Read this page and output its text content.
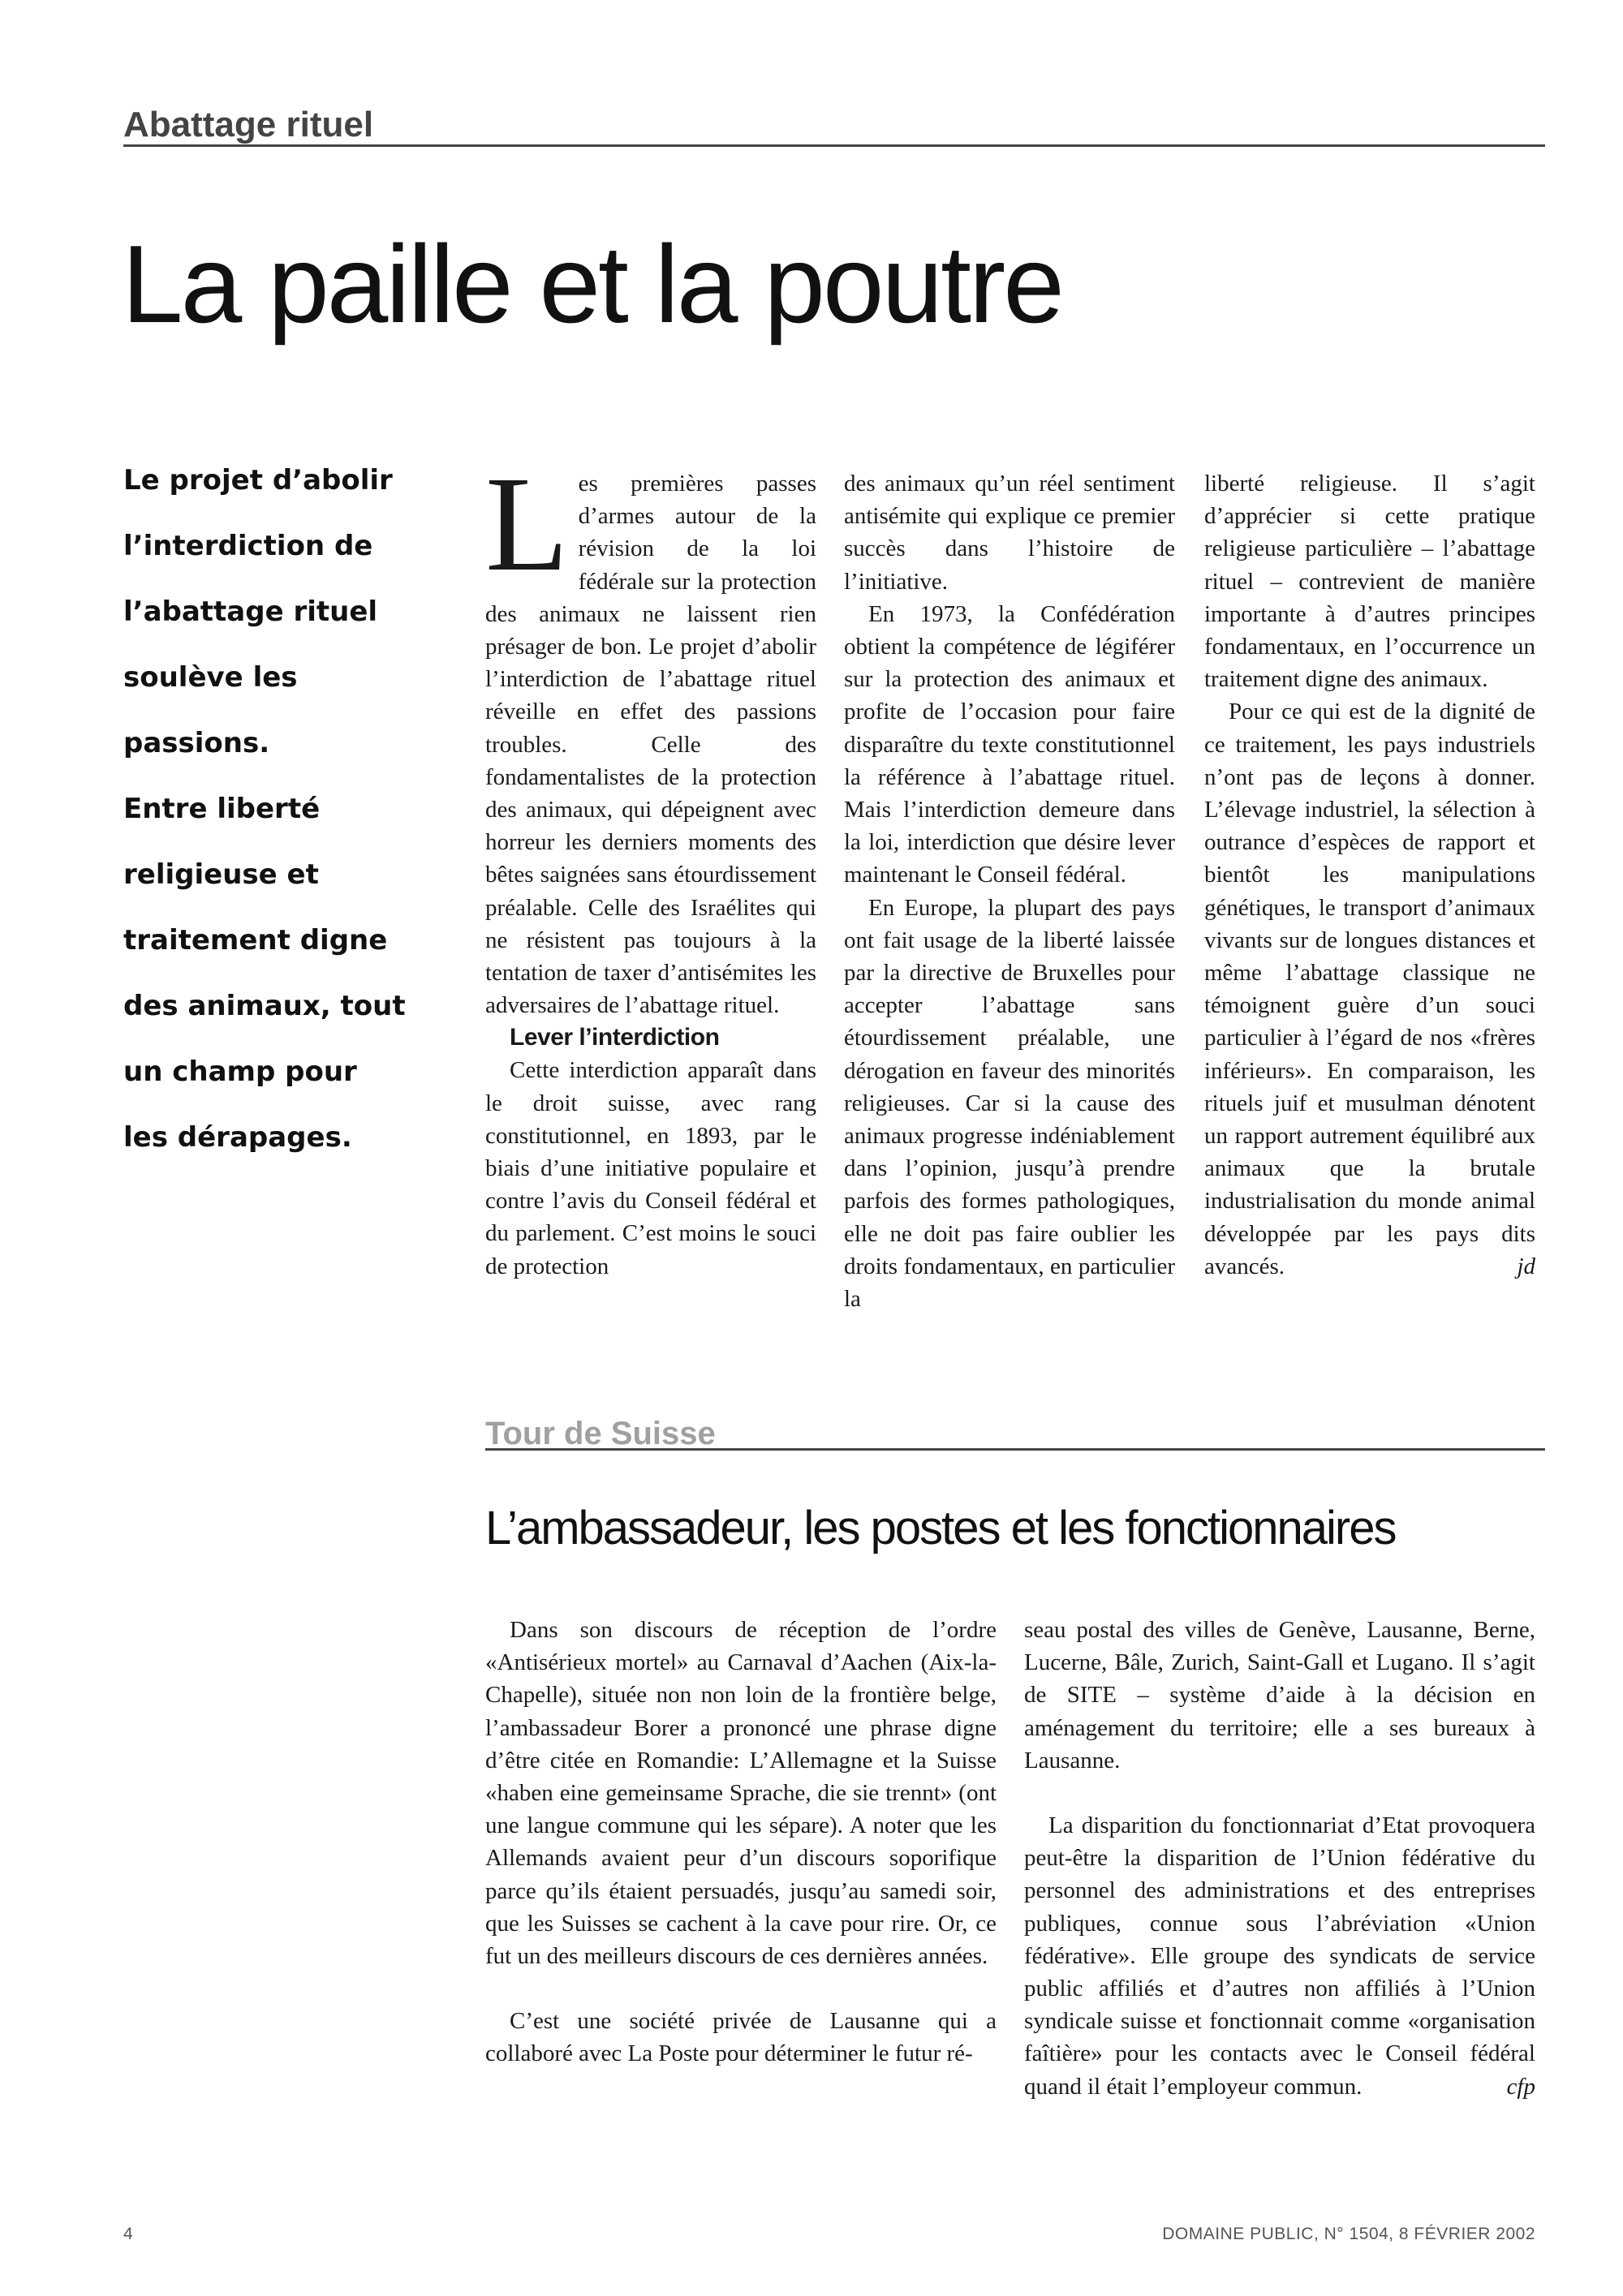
Abattage rituel
La paille et la poutre

Le projet d’abolir

l’interdiction de

l’abattage rituel

soulève les

passions.

Entre liberté

religieuse et

traitement digne

des animaux, tout

un champ pour

les dérapages.

Les premières passes d’armes autour de la révision de la loi fédérale sur la protection des animaux ne laissent rien présager de bon. Le projet d’abolir l’interdiction de l’abattage rituel réveille en effet des passions troubles. Celle des fondamentalistes de la protection des animaux, qui dépeignent avec horreur les derniers moments des bêtes saignées sans étourdissement préalable. Celle des Israélites qui ne résistent pas toujours à la tentation de taxer d’antisémites les adversaires de l’abattage rituel.

Lever l’interdiction

Cette interdiction apparaît dans le droit suisse, avec rang constitutionnel, en 1893, par le biais d’une initiative populaire et contre l’avis du Conseil fédéral et du parlement. C’est moins le souci de protection

des animaux qu’un réel sentiment antisémite qui explique ce premier succès dans l’histoire de l’initiative.

En 1973, la Confédération obtient la compétence de légiférer sur la protection des animaux et profite de l’occasion pour faire disparaître du texte constitutionnel la référence à l’abattage rituel. Mais l’interdiction demeure dans la loi, interdiction que désire lever maintenant le Conseil fédéral.

En Europe, la plupart des pays ont fait usage de la liberté laissée par la directive de Bruxelles pour accepter l’abattage sans étourdissement préalable, une dérogation en faveur des minorités religieuses. Car si la cause des animaux progresse indéniablement dans l’opinion, jusqu’à prendre parfois des formes pathologiques, elle ne doit pas faire oublier les droits fondamentaux, en particulier la

liberté religieuse. Il s’agit d’apprécier si cette pratique religieuse particulière – l’abattage rituel – contrevient de manière importante à d’autres principes fondamentaux, en l’occurrence un traitement digne des animaux.

Pour ce qui est de la dignité de ce traitement, les pays industriels n’ont pas de leçons à donner. L’élevage industriel, la sélection à outrance d’espèces de rapport et bientôt les manipulations génétiques, le transport d’animaux vivants sur de longues distances et même l’abattage classique ne témoignent guère d’un souci particulier à l’égard de nos «frères inférieurs». En comparaison, les rituels juif et musulman dénotent un rapport autrement équilibré aux animaux que la brutale industrialisation du monde animal développée par les pays dits avancés.	jd

Tour de Suisse
L’ambassadeur, les postes et les fonctionnaires

Dans son discours de réception de l’ordre «Antisérieux mortel» au Carnaval d’Aachen (Aix-la-Chapelle), située non non loin de la frontière belge, l’ambassadeur Borer a prononcé une phrase digne d’être citée en Romandie: L’Allemagne et la Suisse «haben eine gemeinsame Sprache, die sie trennt» (ont une langue commune qui les sépare). A noter que les Allemands avaient peur d’un discours soporifique parce qu’ils étaient persuadés, jusqu’au samedi soir, que les Suisses se cachent à la cave pour rire. Or, ce fut un des meilleurs discours de ces dernières années.

C’est une société privée de Lausanne qui a collaboré avec La Poste pour déterminer le futur ré-

seau postal des villes de Genève, Lausanne, Berne, Lucerne, Bâle, Zurich, Saint-Gall et Lugano. Il s’agit de SITE – système d’aide à la décision en aménagement du territoire; elle a ses bureaux à Lausanne.

La disparition du fonctionnariat d’Etat provoquera peut-être la disparition de l’Union fédérative du personnel des administrations et des entreprises publiques, connue sous l’abréviation «Union fédérative». Elle groupe des syndicats de service public affiliés et d’autres non affiliés à l’Union syndicale suisse et fonctionnait comme «organisation faîtière» pour les contacts avec le Conseil fédéral quand il était l’employeur commun.	cfp

4	DOMAINE PUBLIC, N° 1504, 8 FÉVRIER 2002
